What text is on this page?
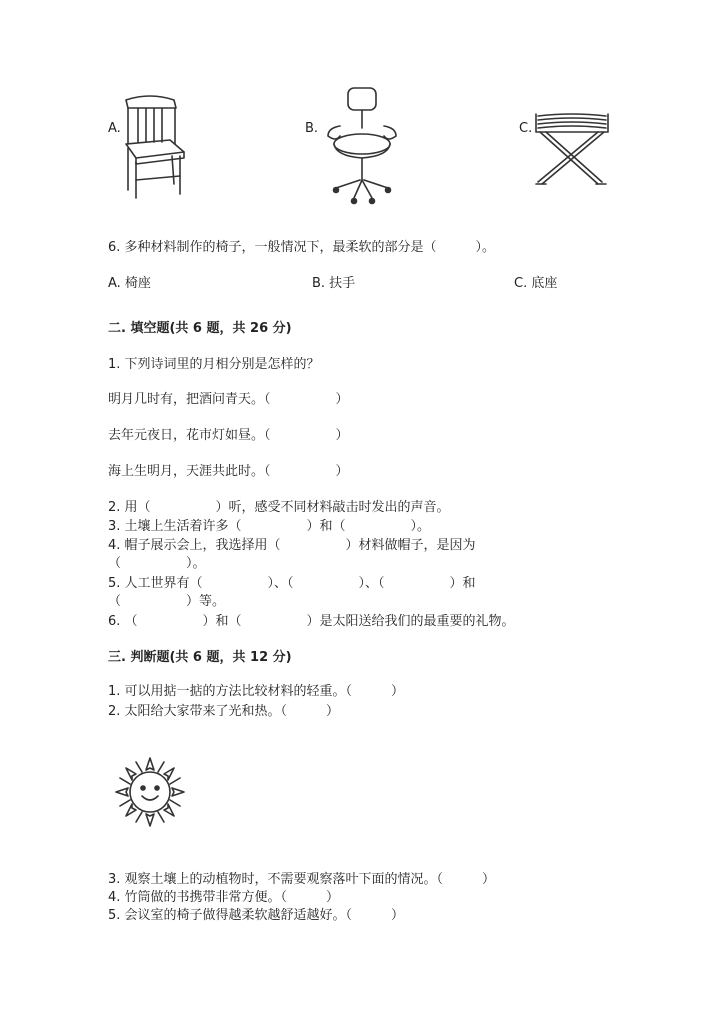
A.	B.	C.
6. 多种材料制作的椅子，一般情况下，最柔软的部分是（　　　）。
A. 椅座	B. 扶手	C. 底座
二. 填空题(共 6 题，共 26 分)
1. 下列诗词里的月相分别是怎样的？
明月几时有，把酒问青天。（　　　　　）
去年元夜日，花市灯如昼。（　　　　　）
海上生明月，天涯共此时。（　　　　　）
2. 用（　　　　　）听，感受不同材料敲击时发出的声音。
3. 土壤上生活着许多（　　　　　）和（　　　　　）。
4. 帽子展示会上，我选择用（　　　　　）材料做帽子，是因为
（　　　　　）。
5. 人工世界有（　　　　　）、（　　　　　）、（　　　　　）和
（　　　　　）等。
6. （　　　　　）和（　　　　　）是太阳送给我们的最重要的礼物。
三. 判断题(共 6 题，共 12 分)
1. 可以用掂一掂的方法比较材料的轻重。（　　　）
2. 太阳给大家带来了光和热。（　　　）
3. 观察土壤上的动植物时，不需要观察落叶下面的情况。（　　　）
4. 竹筒做的书携带非常方便。（　　　）
5. 会议室的椅子做得越柔软越舒适越好。（　　　）
